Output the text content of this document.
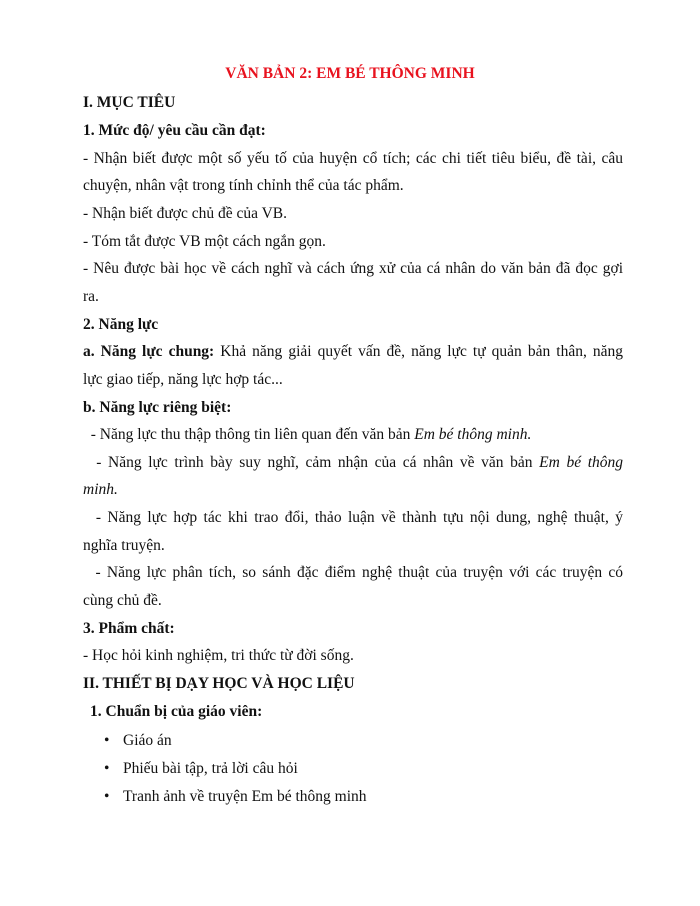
VĂN BẢN 2: EM BÉ THÔNG MINH
I. MỤC TIÊU
1. Mức độ/ yêu cầu cần đạt:
- Nhận biết được một số yếu tố của huyện cổ tích; các chi tiết tiêu biểu, đề tài, câu
chuyện, nhân vật trong tính chỉnh thể của tác phẩm.
- Nhận biết được chủ đề của VB.
- Tóm tắt được VB một cách ngắn gọn.
- Nêu được bài học về cách nghĩ và cách ứng xử của cá nhân do văn bản đã đọc gợi
ra.
2. Năng lực
a. Năng lực chung: Khả năng giải quyết vấn đề, năng lực tự quản bản thân, năng
lực giao tiếp, năng lực hợp tác...
b. Năng lực riêng biệt:
- Năng lực thu thập thông tin liên quan đến văn bản Em bé thông minh.
- Năng lực trình bày suy nghĩ, cảm nhận của cá nhân về văn bản Em bé thông
minh.
- Năng lực hợp tác khi trao đổi, thảo luận về thành tựu nội dung, nghệ thuật, ý
nghĩa truyện.
- Năng lực phân tích, so sánh đặc điểm nghệ thuật của truyện với các truyện có
cùng chủ đề.
3. Phẩm chất:
- Học hỏi kinh nghiệm, tri thức từ đời sống.
II. THIẾT BỊ DẠY HỌC VÀ HỌC LIỆU
1. Chuẩn bị của giáo viên:
• Giáo án
• Phiếu bài tập, trả lời câu hỏi
• Tranh ảnh về truyện Em bé thông minh
